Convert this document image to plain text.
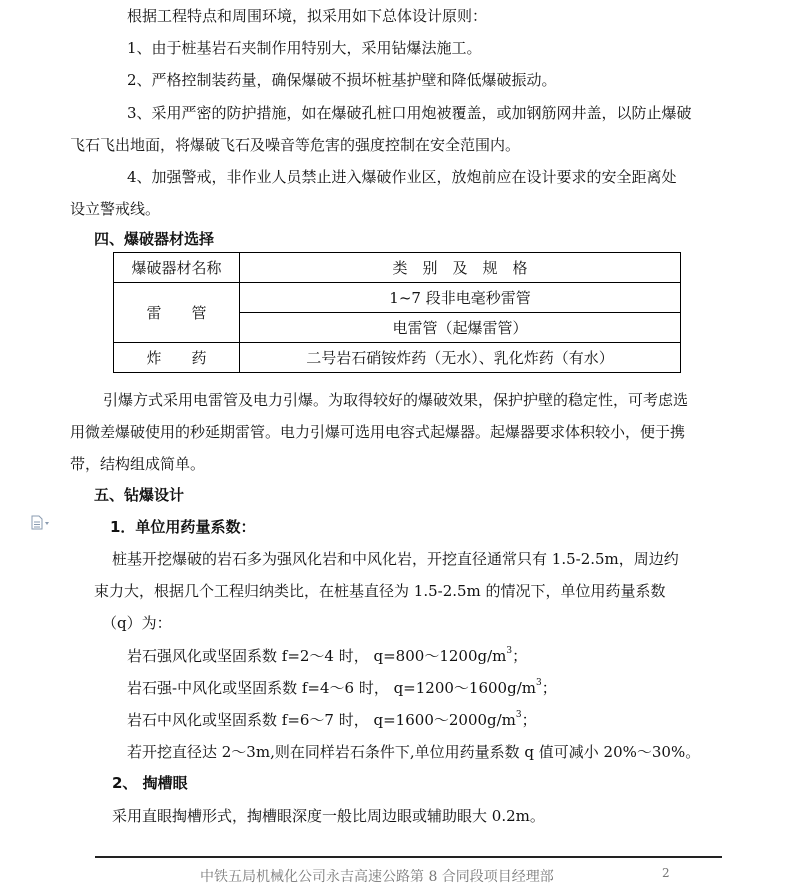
根据工程特点和周围环境，拟采用如下总体设计原则：
1、由于桩基岩石夹制作用特别大，采用钻爆法施工。
2、严格控制装药量，确保爆破不损坏桩基护壁和降低爆破振动。
3、采用严密的防护措施，如在爆破孔桩口用炮被覆盖，或加钢筋网井盖，以防止爆破
飞石飞出地面，将爆破飞石及噪音等危害的强度控制在安全范围内。
4、加强警戒，非作业人员禁止进入爆破作业区，放炮前应在设计要求的安全距离处
设立警戒线。
四、爆破器材选择
爆破器材名称	类　别　及　规　格
雷　　管	1~7 段非电毫秒雷管
	电雷管（起爆雷管）
炸　　药	二号岩石硝铵炸药（无水）、乳化炸药（有水）
引爆方式采用电雷管及电力引爆。为取得较好的爆破效果，保护护壁的稳定性，可考虑选
用微差爆破使用的秒延期雷管。电力引爆可选用电容式起爆器。起爆器要求体积较小，便于携
带，结构组成简单。
五、钻爆设计
1．单位用药量系数：
桩基开挖爆破的岩石多为强风化岩和中风化岩，开挖直径通常只有 1.5-2.5m，周边约
束力大，根据几个工程归纳类比，在桩基直径为 1.5-2.5m 的情况下，单位用药量系数
（q）为：
岩石强风化或坚固系数 f=2～4 时， $q=800\sim 1200g/m^3$；
岩石强-中风化或坚固系数 f=4～6 时， $q=1200\sim 1600g/m^3$；
岩石中风化或坚固系数 f=6～7 时， $q=1600\sim 2000g/m^3$；
若开挖直径达 2～3m,则在同样岩石条件下,单位用药量系数 q 值可减小 20%～30%。
2、 掏槽眼
采用直眼掏槽形式，掏槽眼深度一般比周边眼或辅助眼大 0.2m。
中铁五局机械化公司永吉高速公路第 8 合同段项目经理部	2
